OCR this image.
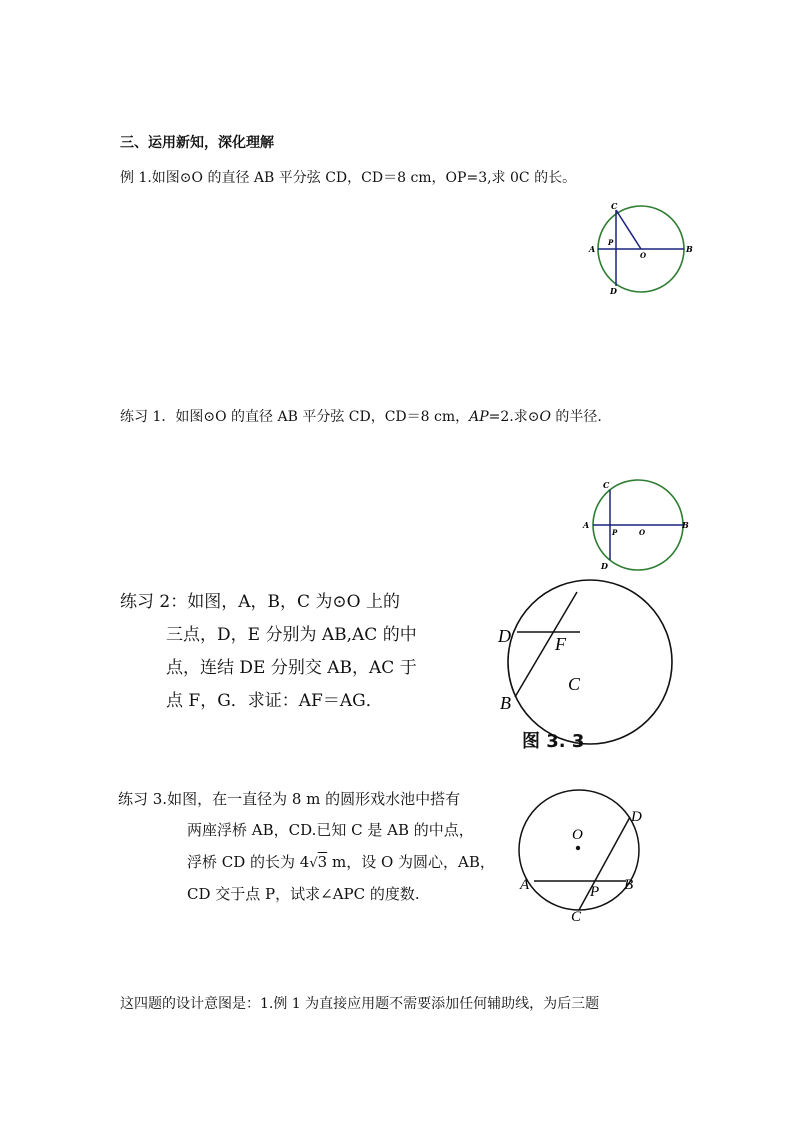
三、运用新知，深化理解
例 1.如图⊙O 的直径 AB 平分弦 CD，CD＝8 cm，OP=3,求 0C 的长。
A	B
C
D
P
O
练习 1．如图⊙O 的直径 AB 平分弦 CD，CD＝8 cm，AP=2.求⊙O 的半径.
A	B
C
D
P	O
练习 2：如图，A，B，C 为⊙O 上的
三点，D，E 分别为 AB,AC 的中
点，连结 DE 分别交 AB，AC 于
点 F，G．求证：AF＝AG．
D F
B
C
图 3. 3
练习 3.如图，在一直径为 8 m 的圆形戏水池中搭有
两座浮桥 AB，CD.已知 C 是 AB 的中点，
浮桥 CD 的长为 4√3 m，设 O 为圆心，AB，
CD 交于点 P，试求∠APC 的度数.
O
D
A	P B
C
这四题的设计意图是：1.例 1 为直接应用题不需要添加任何辅助线，为后三题
